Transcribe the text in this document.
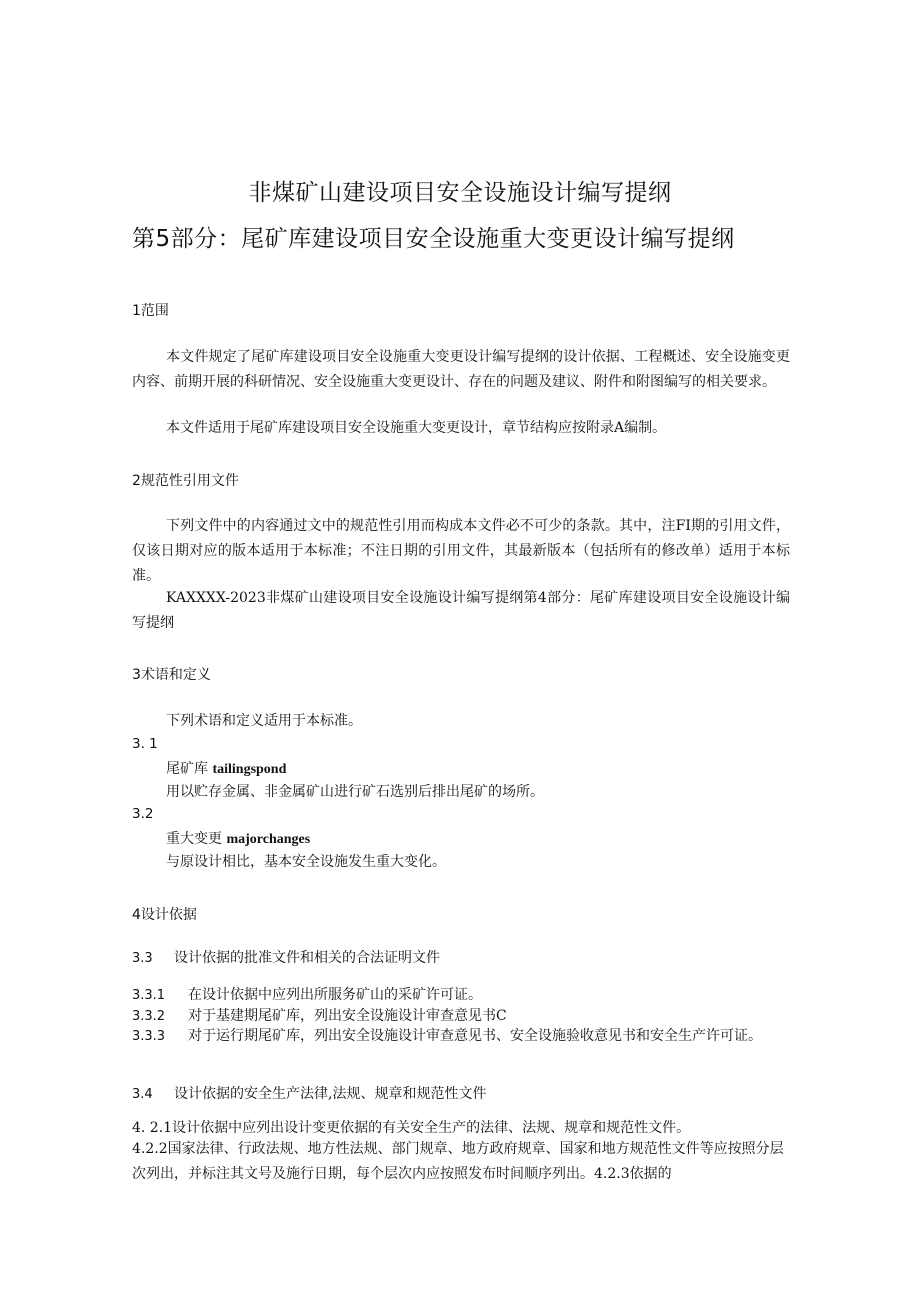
非煤矿山建设项目安全设施设计编写提纲
第5部分：尾矿库建设项目安全设施重大变更设计编写提纲
1范围

本文件规定了尾矿库建设项目安全设施重大变更设计编写提纲的设计依据、工程概述、安全设施变更内容、前期开展的科研情况、安全设施重大变更设计、存在的问题及建议、附件和附图编写的相关要求。

本文件适用于尾矿库建设项目安全设施重大变更设计，章节结构应按附录A编制。

2规范性引用文件

下列文件中的内容通过文中的规范性引用而构成本文件必不可少的条款。其中，注FI期的引用文件，仅该日期对应的版本适用于本标准；不注日期的引用文件，其最新版本（包括所有的修改单）适用于本标准。

KAXXXX-2023非煤矿山建设项目安全设施设计编写提纲第4部分：尾矿库建设项目安全设施设计编写提纲

3术语和定义
下列术语和定义适用于本标准。
3. 1
尾矿库 tailingspond
用以贮存金属、非金属矿山进行矿石选别后排出尾矿的场所。
3.2
重大变更 majorchanges
与原设计相比，基本安全设施发生重大变化。
4设计依据
3.3 设计依据的批准文件和相关的合法证明文件
3.3.1 在设计依据中应列出所服务矿山的采矿许可证。
3.3.2 对于基建期尾矿库，列出安全设施设计审查意见书C
3.3.3 对于运行期尾矿库，列出安全设施设计审查意见书、安全设施验收意见书和安全生产许可证。
3.4 设计依据的安全生产法律,法规、规章和规范性文件

4. 2.1设计依据中应列出设计变更依据的有关安全生产的法律、法规、规章和规范性文件。

4.2.2国家法律、行政法规、地方性法规、部门规章、地方政府规章、国家和地方规范性文件等应按照分层次列出，并标注其文号及施行日期，每个层次内应按照发布时间顺序列出。4.2.3依据的
